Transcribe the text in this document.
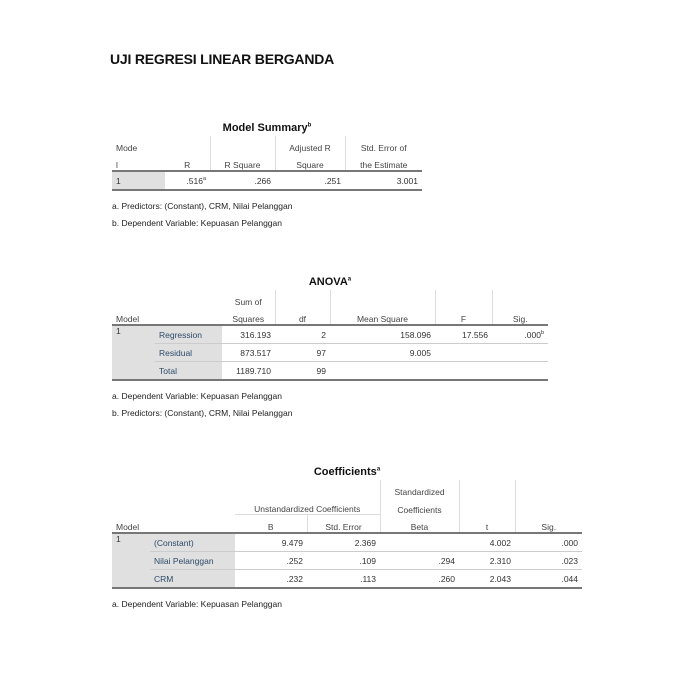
UJI REGRESI LINEAR BERGANDA
Model Summary$^b$
Mode			Adjusted R	Std. Error of
l	R	R Square	Square	the Estimate
1	.516$^a$	.266	.251	3.001
a. Predictors: (Constant), CRM, Nilai Pelanggan
b. Dependent Variable: Kepuasan Pelanggan
ANOVA$^a$
		Sum of				
Model		Squares	df	Mean Square	F	Sig.
1	Regression	316.193	2	158.096	17.556	.000$^b$
	Residual	873.517	97	9.005		
	Total	1189.710	99			
a. Dependent Variable: Kepuasan Pelanggan
b. Predictors: (Constant), CRM, Nilai Pelanggan
Coefficients$^a$
				Standardized		
		Unstandardized Coefficients		Coefficients		
Model		B	Std. Error	Beta	t	Sig.
1	(Constant)	9.479	2.369		4.002	.000
	Nilai Pelanggan	.252	.109	.294	2.310	.023
	CRM	.232	.113	.260	2.043	.044
a. Dependent Variable: Kepuasan Pelanggan
